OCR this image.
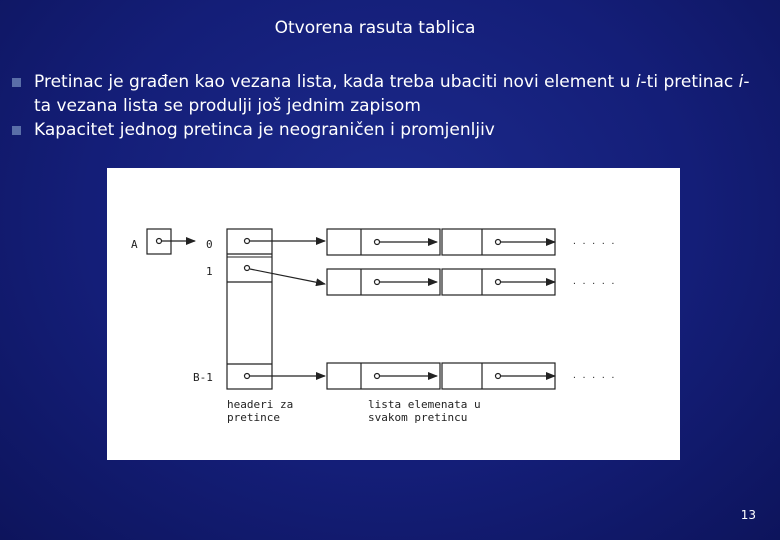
Otvorena rasuta tablica
Pretinac je građen kao vezana lista, kada treba ubaciti novi element u i-ti pretinac i-
ta vezana lista se produlji još jednim zapisom
Kapacitet jednog pretinca je neograničen i promjenljiv
A	0
1
B-1
. . . . .
. . . . .
. . . . .
headeri za
pretince
lista elemenata u
svakom pretincu
13
